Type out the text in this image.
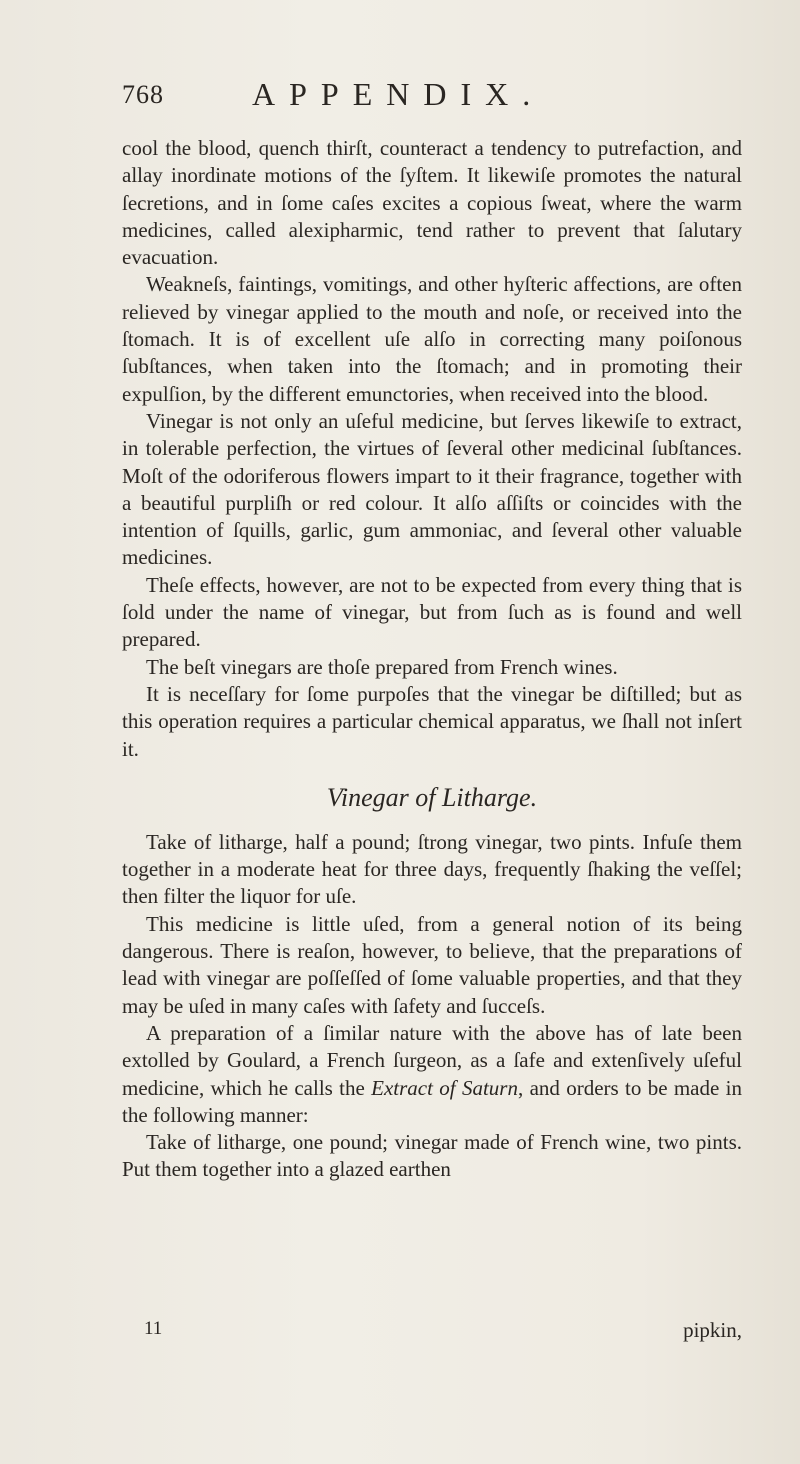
768	APPENDIX.

cool the blood, quench thirſt, counteract a tendency to putrefaction, and allay inordinate motions of the ſyſtem. It likewiſe promotes the natural ſecretions, and in ſome caſes excites a copious ſweat, where the warm medicines, called alexipharmic, tend rather to prevent that ſalutary evacuation.

Weakneſs, faintings, vomitings, and other hyſteric affections, are often relieved by vinegar applied to the mouth and noſe, or received into the ſtomach. It is of excellent uſe alſo in correcting many poiſonous ſubſtances, when taken into the ſtomach; and in promoting their expulſion, by the different emunctories, when received into the blood.

Vinegar is not only an uſeful medicine, but ſerves likewiſe to extract, in tolerable perfection, the virtues of ſeveral other medicinal ſubſtances. Moſt of the odoriferous flowers impart to it their fragrance, together with a beautiful purpliſh or red colour. It alſo aſſiſts or coincides with the intention of ſquills, garlic, gum ammoniac, and ſeveral other valuable medicines.

Theſe effects, however, are not to be expected from every thing that is ſold under the name of vinegar, but from ſuch as is found and well prepared.

The beſt vinegars are thoſe prepared from French wines.

It is neceſſary for ſome purpoſes that the vinegar be diſtilled; but as this operation requires a particular chemical apparatus, we ſhall not inſert it.

Vinegar of Litharge.

Take of litharge, half a pound; ſtrong vinegar, two pints. Infuſe them together in a moderate heat for three days, frequently ſhaking the veſſel; then filter the liquor for uſe.

This medicine is little uſed, from a general notion of its being dangerous. There is reaſon, however, to believe, that the preparations of lead with vinegar are poſſeſſed of ſome valuable properties, and that they may be uſed in many caſes with ſafety and ſucceſs.

A preparation of a ſimilar nature with the above has of late been extolled by Goulard, a French ſurgeon, as a ſafe and extenſively uſeful medicine, which he calls the Extract of Saturn, and orders to be made in the following manner:

Take of litharge, one pound; vinegar made of French wine, two pints. Put them together into a glazed earthen

11	pipkin,
